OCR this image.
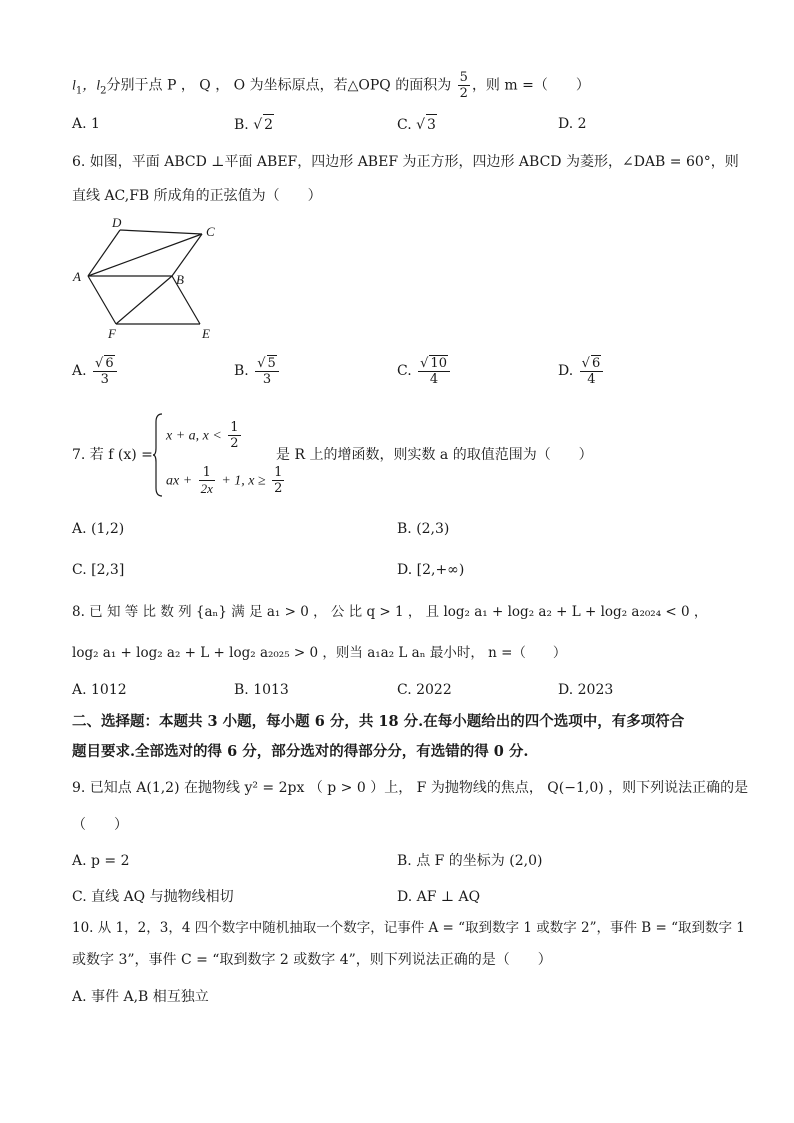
$l_1$，$l_2$分别于点 P ， Q ， O 为坐标原点，若△OPQ 的面积为 $\frac{5}{2}$ ，则 m =（　　）
A. 1	B. √ 2	C. √ 3	D. 2
6. 如图，平面 ABCD ⊥平面 ABEF，四边形 ABEF 为正方形，四边形 ABCD 为菱形，∠DAB = 60°，则
直线 AC,FB 所成角的正弦值为（　　）
D
C
A	B
F	E
A. $\frac{√ 6}{3}$	B. $\frac{√ 5}{3}$	C. $\frac{√ 10}{4}$	D. $\frac{√ 6}{4}$
7. 若 f (x) =
x + a, $x < \frac{1}{2}$
ax + $\frac{1}{2x} + 1$, $x \ge \frac{1}{2}$
是 R 上的增函数，则实数 a 的取值范围为（　　）
A. (1,2)	B. (2,3)
C. [2,3]	D. [2,+∞)
8. 已 知 等 比 数 列 {aₙ} 满 足 a₁ > 0 ， 公 比 q > 1 ， 且 log₂ a₁ + log₂ a₂ + L + log₂ a₂₀₂₄ < 0 ，
log₂ a₁ + log₂ a₂ + L + log₂ a₂₀₂₅ > 0 ，则当 a₁a₂ L aₙ 最小时， n =（　　）
A. 1012	B. 1013	C. 2022	D. 2023
二、选择题：本题共 3 小题，每小题 6 分，共 18 分.在每小题给出的四个选项中，有多项符合
题目要求.全部选对的得 6 分，部分选对的得部分分，有选错的得 0 分.
9. 已知点 A(1,2) 在抛物线 y² = 2px （ p > 0 ）上， F 为抛物线的焦点， Q(−1,0) ，则下列说法正确的是
（　　）
A. p = 2	B. 点 F 的坐标为 (2,0)
C. 直线 AQ 与抛物线相切	D. AF ⊥ AQ
10. 从 1，2，3，4 四个数字中随机抽取一个数字，记事件 A = “取到数字 1 或数字 2”，事件 B = “取到数字 1
或数字 3”，事件 C = “取到数字 2 或数字 4”，则下列说法正确的是（　　）
A. 事件 A,B 相互独立
